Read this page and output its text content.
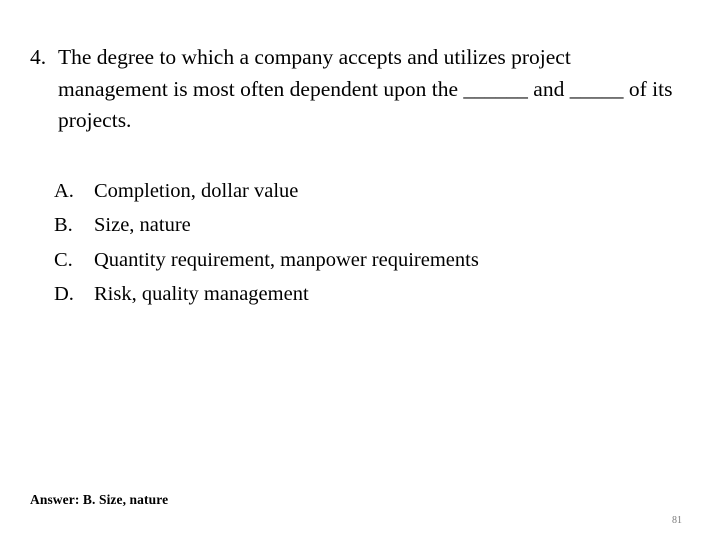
4. The degree to which a company accepts and utilizes project management is most often dependent upon the ______ and _____ of its projects.
A. Completion, dollar value
B.	Size, nature
C.	Quantity requirement, manpower requirements
D. Risk, quality management
Answer: B. Size, nature
81
